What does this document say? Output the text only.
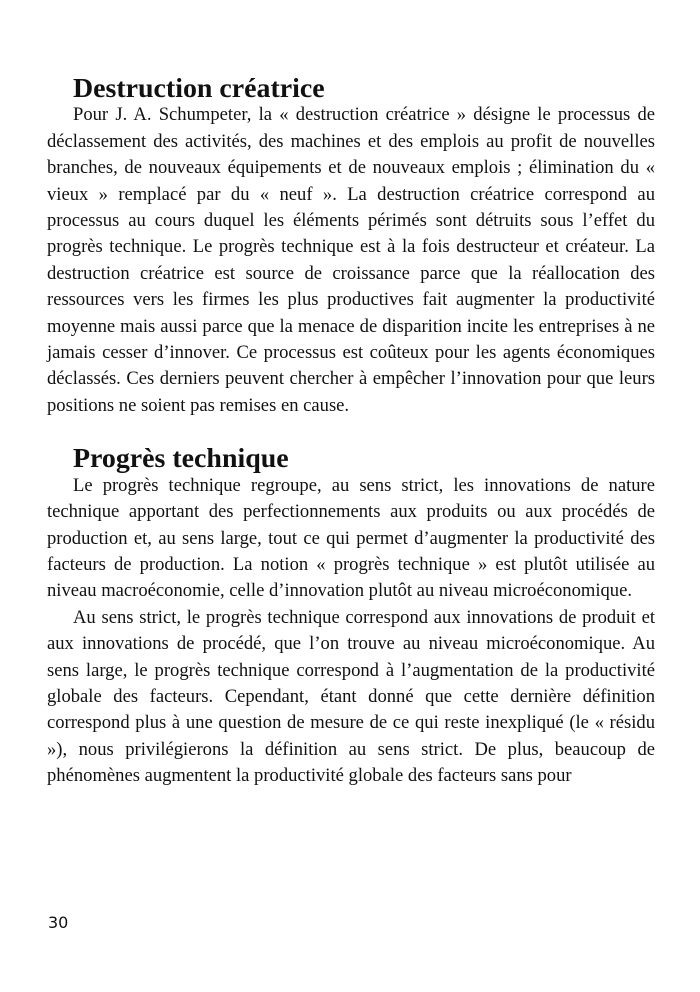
Destruction créatrice

Pour J. A. Schumpeter, la « destruction créatrice » désigne le processus de déclassement des activités, des machines et des emplois au profit de nouvelles branches, de nouveaux équipements et de nouveaux emplois ; élimination du « vieux » remplacé par du « neuf ». La destruction créatrice correspond au processus au cours duquel les éléments périmés sont détruits sous l’effet du progrès technique. Le progrès technique est à la fois destructeur et créateur. La destruction créatrice est source de croissance parce que la réallocation des ressources vers les firmes les plus productives fait augmenter la productivité moyenne mais aussi parce que la menace de disparition incite les entreprises à ne jamais cesser d’innover. Ce processus est coûteux pour les agents économiques déclassés. Ces derniers peuvent chercher à empêcher l’innovation pour que leurs positions ne soient pas remises en cause.

Progrès technique

Le progrès technique regroupe, au sens strict, les innovations de nature technique apportant des perfectionnements aux produits ou aux procédés de production et, au sens large, tout ce qui permet d’augmenter la productivité des facteurs de production. La notion « progrès technique » est plutôt utilisée au niveau macroéconomie, celle d’innovation plutôt au niveau microéconomique.

Au sens strict, le progrès technique correspond aux innovations de produit et aux innovations de procédé, que l’on trouve au niveau microéconomique. Au sens large, le progrès technique correspond à l’augmentation de la productivité globale des facteurs. Cependant, étant donné que cette dernière définition correspond plus à une question de mesure de ce qui reste inexpliqué (le « résidu »), nous privilégierons la définition au sens strict. De plus, beaucoup de phénomènes augmentent la productivité globale des facteurs sans pour

30
